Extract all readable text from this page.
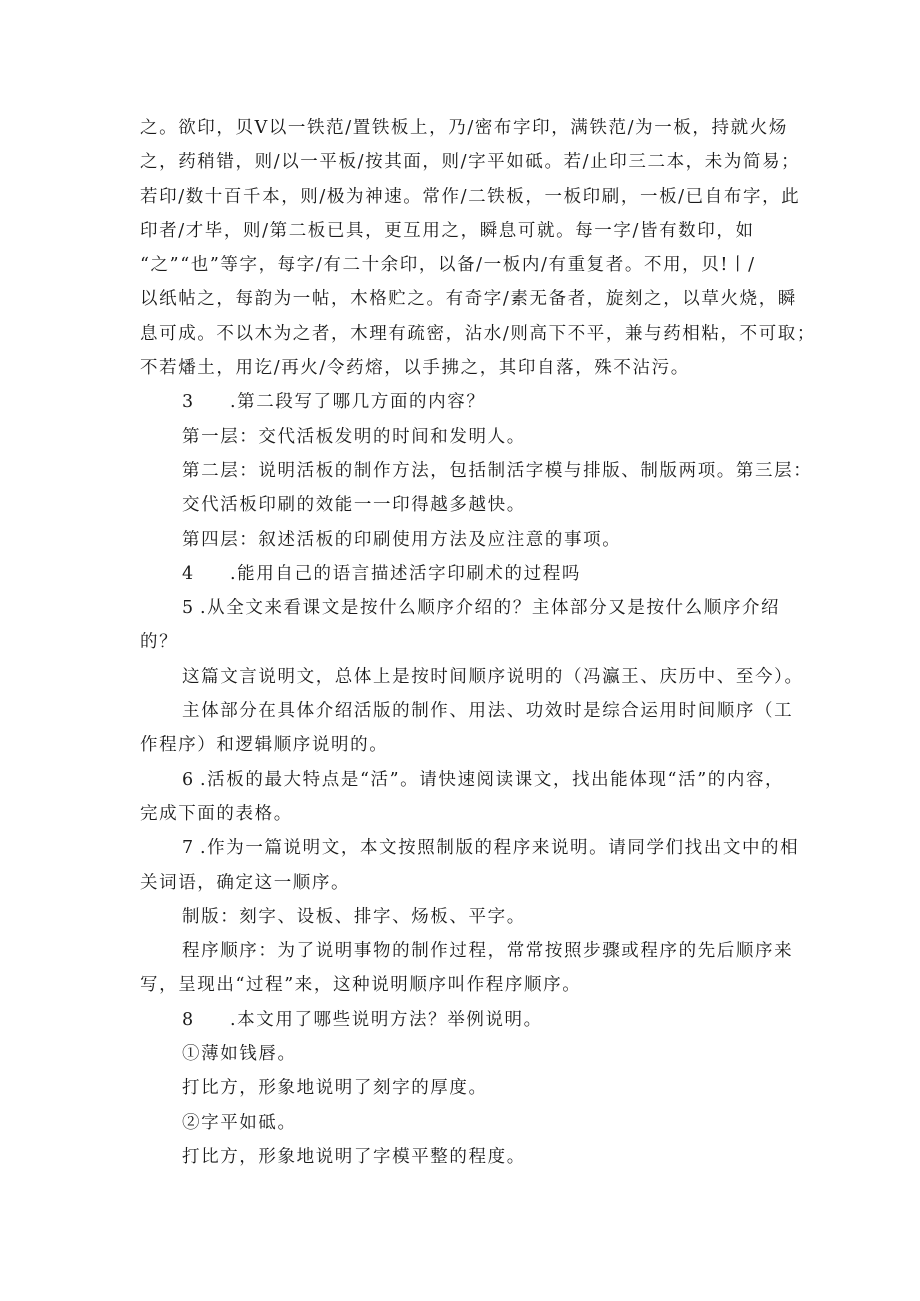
之。欲印，贝V以一铁范/置铁板上，乃/密布字印，满铁范/为一板，持就火炀
之，药稍错，则/以一平板/按其面，则/字平如砥。若/止印三二本，未为简易；
若印/数十百千本，则/极为神速。常作/二铁板，一板印刷，一板/已自布字，此
印者/才毕，则/第二板已具，更互用之，瞬息可就。每一字/皆有数印，如
“之”“也”等字，每字/有二十余印，以备/一板内/有重复者。不用，贝!丨/
以纸帖之，每韵为一帖，木格贮之。有奇字/素无备者，旋刻之，以草火烧，瞬
息可成。不以木为之者，木理有疏密，沾水/则高下不平，兼与药相粘，不可取；
不若燔土，用讫/再火/令药熔，以手拂之，其印自落，殊不沾污。
3 .第二段写了哪几方面的内容？
第一层：交代活板发明的时间和发明人。
第二层：说明活板的制作方法，包括制活字模与排版、制版两项。第三层：
交代活板印刷的效能一一印得越多越快。
第四层：叙述活板的印刷使用方法及应注意的事项。
4 .能用自己的语言描述活字印刷术的过程吗
5 .从全文来看课文是按什么顺序介绍的？主体部分又是按什么顺序介绍
的？
这篇文言说明文，总体上是按时间顺序说明的（冯瀛王、庆历中、至今）。
主体部分在具体介绍活版的制作、用法、功效时是综合运用时间顺序（工
作程序）和逻辑顺序说明的。
6 .活板的最大特点是“活”。请快速阅读课文，找出能体现“活”的内容，
完成下面的表格。
7 .作为一篇说明文，本文按照制版的程序来说明。请同学们找出文中的相
关词语，确定这一顺序。
制版：刻字、设板、排字、炀板、平字。
程序顺序：为了说明事物的制作过程，常常按照步骤或程序的先后顺序来
写，呈现出“过程”来，这种说明顺序叫作程序顺序。
8 .本文用了哪些说明方法？举例说明。
①薄如钱唇。
打比方，形象地说明了刻字的厚度。
②字平如砥。
打比方，形象地说明了字模平整的程度。
